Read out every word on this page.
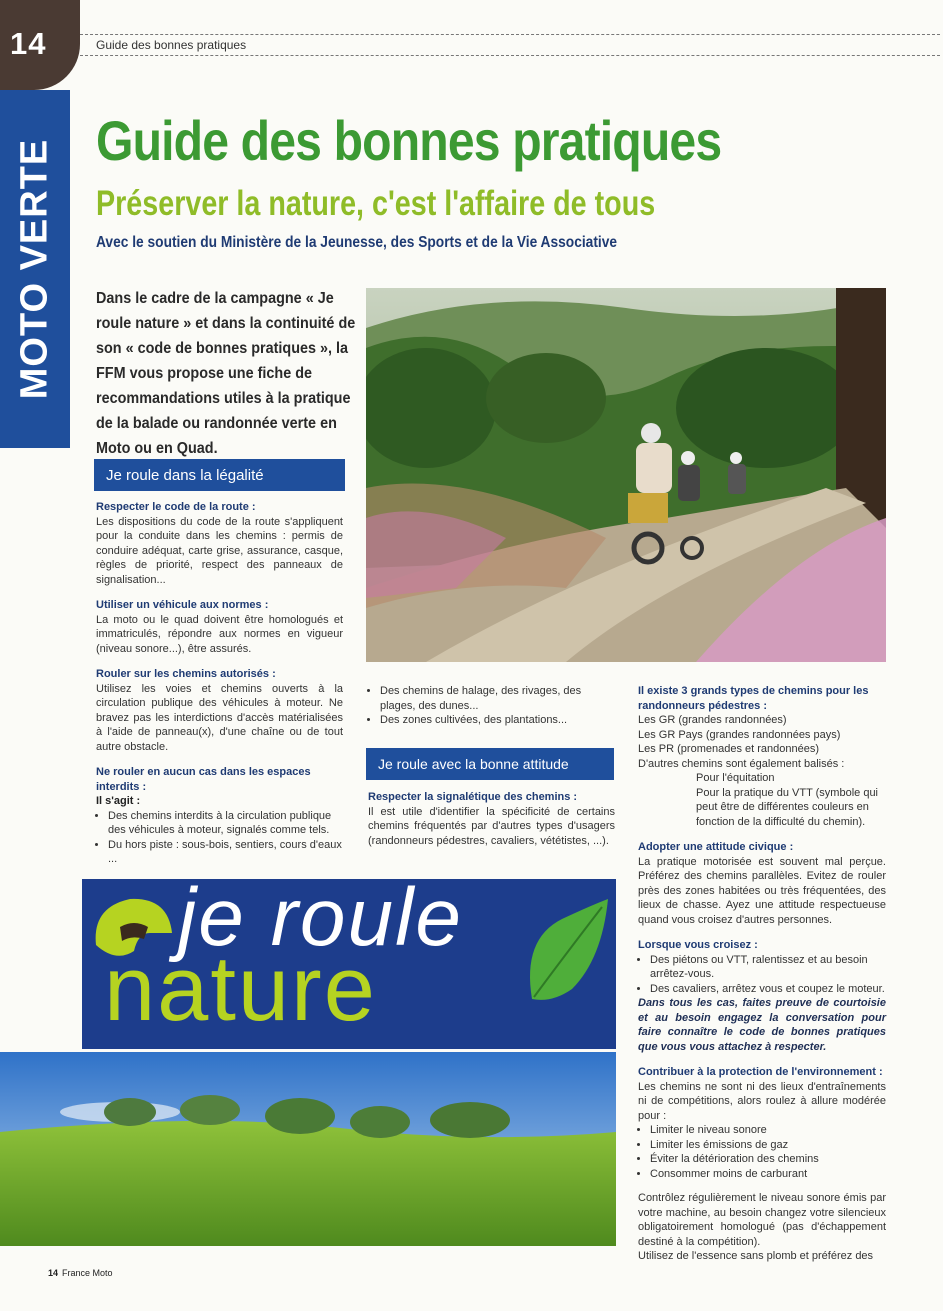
14	Guide des bonnes pratiques
MOTO VERTE Guide des bonnes pratiques
Préserver la nature, c'est l'affaire de tous
Avec le soutien du Ministère de la Jeunesse, des Sports et de la Vie Associative
Dans le cadre de la campagne « Je roule nature » et dans la continuité de son « code de bonnes pratiques », la FFM vous propose une fiche de recommandations utiles à la pratique de la balade ou randonnée verte en Moto ou en Quad.
Je roule dans la légalité
Respecter le code de la route :

Les dispositions du code de la route s'appliquent pour la conduite dans les chemins : permis de conduire adéquat, carte grise, assurance, casque, règles de priorité, respect des panneaux de signalisation...

Utiliser un véhicule aux normes :

La moto ou le quad doivent être homologués et immatriculés, répondre aux normes en vigueur (niveau sonore...), être assurés.

Rouler sur les chemins autorisés :

Utilisez les voies et chemins ouverts à la circulation publique des véhicules à moteur. Ne bravez pas les interdictions d'accès matérialisées à l'aide de panneau(x), d'une chaîne ou de tout autre obstacle.

Ne rouler en aucun cas dans les espaces interdits :
Il s'agit :
• Des chemins interdits à la circulation publique des véhicules à moteur, signalés comme tels.
• Du hors piste : sous-bois, sentiers, cours d'eaux ...
• Des chemins de halage, des rivages, des plages, des dunes...
• Des zones cultivées, des plantations...
Je roule avec la bonne attitude
Respecter la signalétique des chemins :

Il est utile d'identifier la spécificité de certains chemins fréquentés par d'autres types d'usagers (randonneurs pédestres, cavaliers, vététistes, ...).

Il existe 3 grands types de chemins pour les randonneurs pédestres :
Les GR (grandes randonnées)
Les GR Pays (grandes randonnées pays)
Les PR (promenades et randonnées)
D'autres chemins sont également balisés :
Pour l'équitation
Pour la pratique du VTT (symbole qui peut être de différentes couleurs en fonction de la difficulté du chemin).
Adopter une attitude civique :

La pratique motorisée est souvent mal perçue. Préférez des chemins parallèles. Evitez de rouler près des zones habitées ou très fréquentées, des lieux de chasse. Ayez une attitude respectueuse quand vous croisez d'autres personnes.

Lorsque vous croisez :
• Des piétons ou VTT, ralentissez et au besoin arrêtez-vous.
• Des cavaliers, arrêtez vous et coupez le moteur.

Dans tous les cas, faites preuve de courtoisie et au besoin engagez la conversation pour faire connaître le code de bonnes pratiques que vous vous attachez à respecter.

Contribuer à la protection de l'environnement :
Les chemins ne sont ni des lieux d'entraînements ni de compétitions, alors roulez à allure modérée pour :
• Limiter le niveau sonore
• Limiter les émissions de gaz
• Éviter la détérioration des chemins
• Consommer moins de carburant
Contrôlez régulièrement le niveau sonore émis par votre machine, au besoin changez votre silencieux obligatoirement homologué (pas d'échappement destiné à la compétition).
Utilisez de l'essence sans plomb et préférez des
je roule
nature
14 France Moto
